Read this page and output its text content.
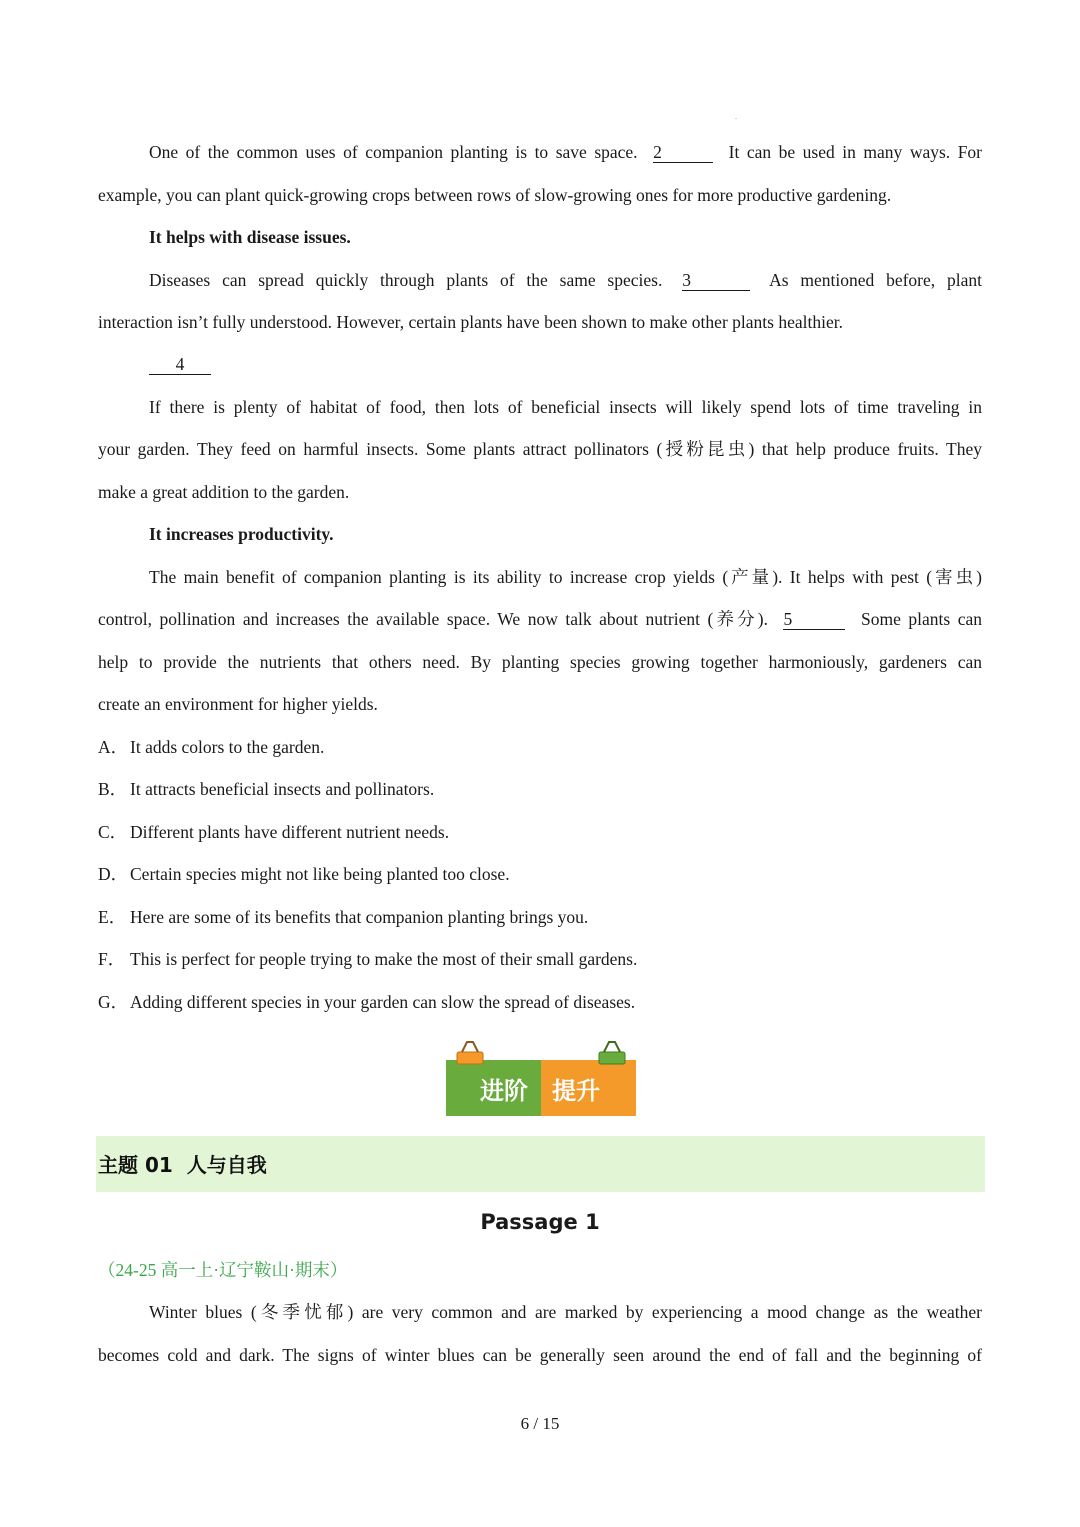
.
One of the common uses of companion planting is to save space. 2	It can be used in many ways. For
example, you can plant quick-growing crops between rows of slow-growing ones for more productive gardening.
It helps with disease issues.
Diseases can spread quickly through plants of the same species. 3	As mentioned before, plant
interaction isn’t fully understood. However, certain plants have been shown to make other plants healthier.
4
If there is plenty of habitat of food, then lots of beneficial insects will likely spend lots of time traveling in
your garden. They feed on harmful insects. Some plants attract pollinators (授粉昆虫) that help produce fruits. They
make a great addition to the garden.
It increases productivity.
The main benefit of companion planting is its ability to increase crop yields (产量). It helps with pest (害虫)
control, pollination and increases the available space. We now talk about nutrient (养分). 5	Some plants can
help to provide the nutrients that others need. By planting species growing together harmoniously, gardeners can
create an environment for higher yields.
A． It adds colors to the garden.
B． It attracts beneficial insects and pollinators.
C． Different plants have different nutrient needs.
D． Certain species might not like being planted too close.
E． Here are some of its benefits that companion planting brings you.
F． This is perfect for people trying to make the most of their small gardens.
G． Adding different species in your garden can slow the spread of diseases.
进阶 提升
主题 01  人与自我
Passage 1
（24-25 高一上·辽宁鞍山·期末）
Winter blues (冬季忧郁) are very common and are marked by experiencing a mood change as the weather
becomes cold and dark. The signs of winter blues can be generally seen around the end of fall and the beginning of
6 / 15
